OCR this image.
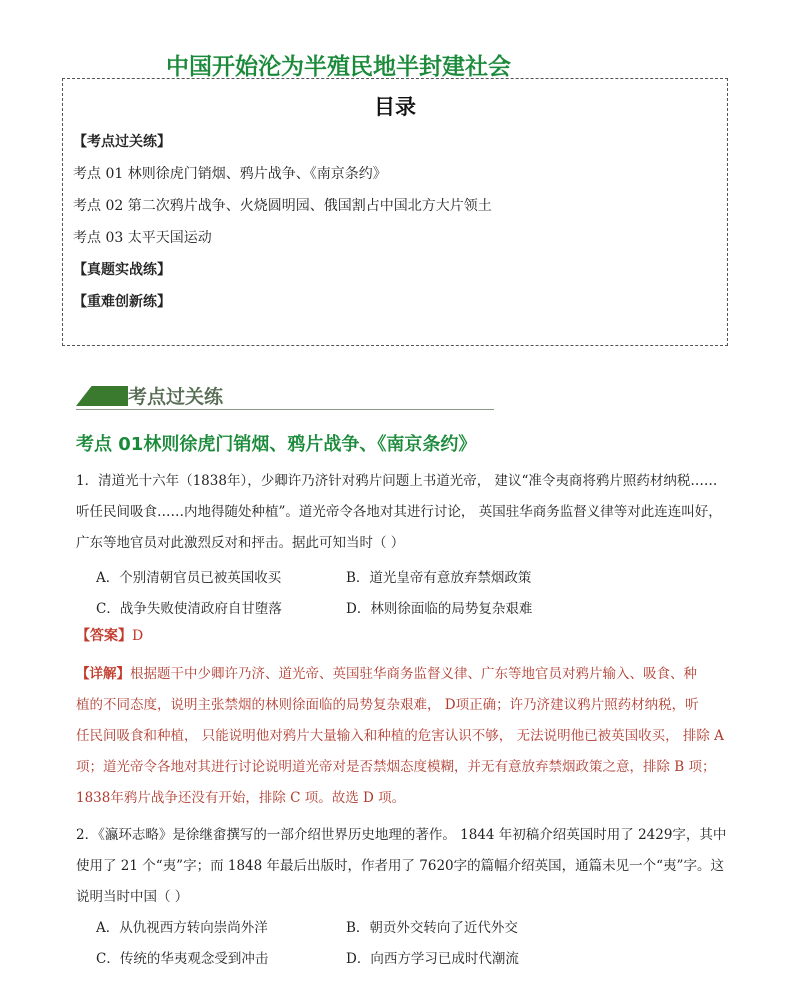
中国开始沦为半殖民地半封建社会
目录
【考点过关练】
考点 01 林则徐虎门销烟、鸦片战争、《南京条约》
考点 02 第二次鸦片战争、火烧圆明园、俄国割占中国北方大片领土
考点 03 太平天国运动
【真题实战练】
【重难创新练】
考点过关练
考点 01林则徐虎门销烟、鸦片战争、《南京条约》
1．清道光十六年（1838年），少卿许乃济针对鸦片问题上书道光帝， 建议“准令夷商将鸦片照药材纳税……
听任民间吸食……内地得随处种植”。道光帝令各地对其进行讨论， 英国驻华商务监督义律等对此连连叫好，
广东等地官员对此激烈反对和抨击。据此可知当时（ ）
A．个别清朝官员已被英国收买	B．道光皇帝有意放弃禁烟政策
C．战争失败使清政府自甘堕落	D．林则徐面临的局势复杂艰难
【答案】D
【详解】根据题干中少卿许乃济、道光帝、英国驻华商务监督义律、广东等地官员对鸦片输入、吸食、种
植的不同态度，说明主张禁烟的林则徐面临的局势复杂艰难， D项正确；许乃济建议鸦片照药材纳税，听
任民间吸食和种植， 只能说明他对鸦片大量输入和种植的危害认识不够， 无法说明他已被英国收买， 排除 A
项；道光帝令各地对其进行讨论说明道光帝对是否禁烟态度模糊，并无有意放弃禁烟政策之意，排除 B 项；
1838年鸦片战争还没有开始，排除 C 项。故选 D 项。
2．《瀛环志略》是徐继畬撰写的一部介绍世界历史地理的著作。 1844 年初稿介绍英国时用了 2429字，其中
使用了 21 个“夷”字；而 1848 年最后出版时，作者用了 7620字的篇幅介绍英国，通篇未见一个“夷”字。这
说明当时中国（ ）
A．从仇视西方转向崇尚外洋	B．朝贡外交转向了近代外交
C．传统的华夷观念受到冲击	D．向西方学习已成时代潮流
